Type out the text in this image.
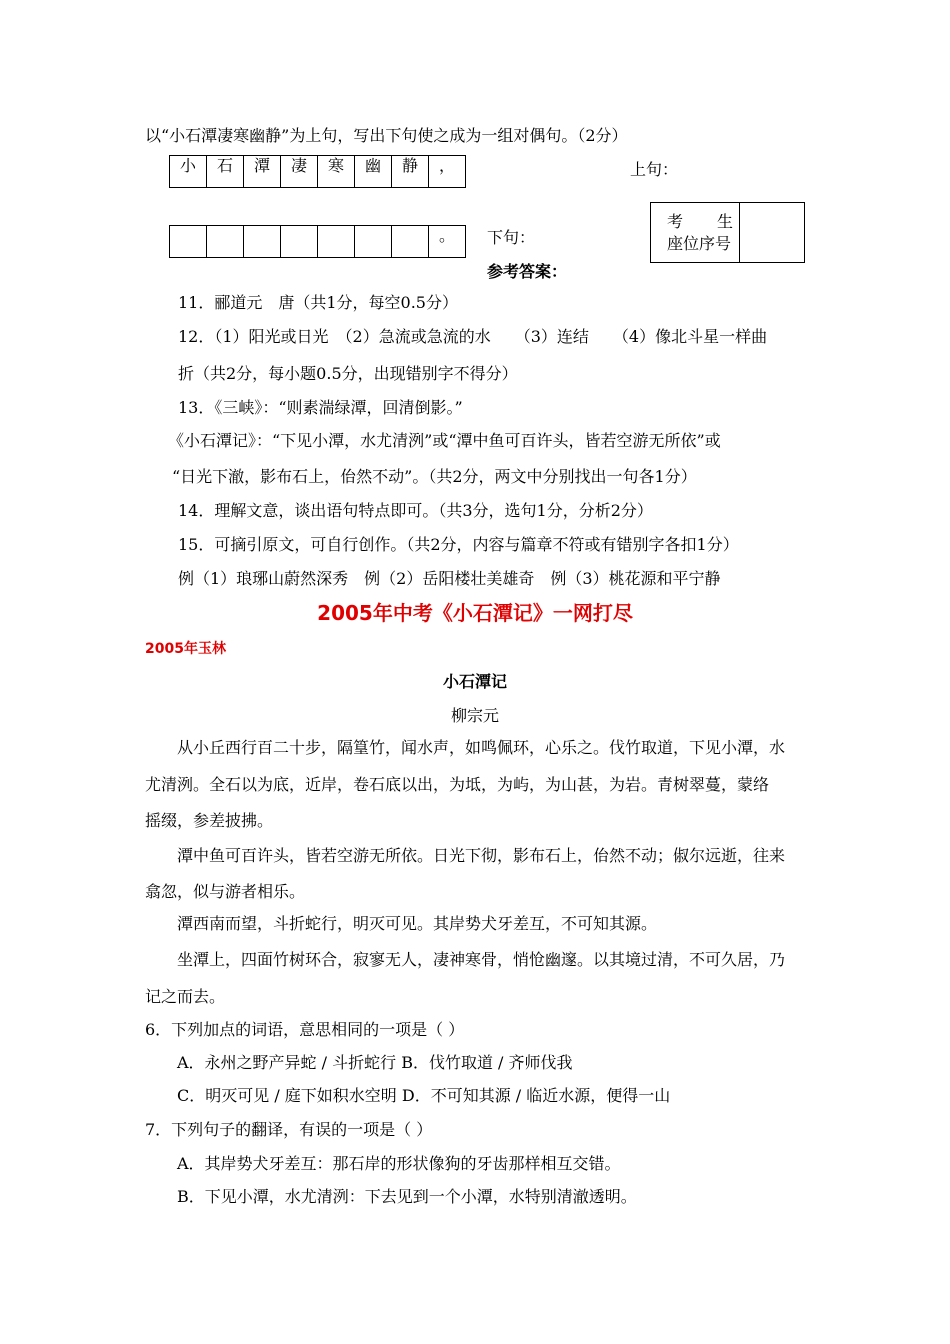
以“小石潭凄寒幽静”为上句，写出下句使之成为一组对偶句。（2分）
小	石	潭	凄	寒	幽	静	，	上句：
							。 下句：
考 生
座位序号
参考答案：
11．郦道元　唐（共1分，每空0.5分）
12．（1）阳光或日光　（2）急流或急流的水　　（3）连结　　（4）像北斗星一样曲
折（共2分，每小题0.5分，出现错别字不得分）
13．《三峡》：“则素湍绿潭，回清倒影。”
《小石潭记》：“下见小潭，水尤清洌”或“潭中鱼可百许头，皆若空游无所依”或
“日光下澈，影布石上，佁然不动”。（共2分，两文中分别找出一句各1分）
14．理解文意，谈出语句特点即可。（共3分，选句1分，分析2分）
15．可摘引原文，可自行创作。（共2分，内容与篇章不符或有错别字各扣1分）
例（1）琅琊山蔚然深秀　例（2）岳阳楼壮美雄奇　例（3）桃花源和平宁静
2005年中考《小石潭记》一网打尽
2005年玉林
小石潭记
柳宗元
　　从小丘西行百二十步，隔篁竹，闻水声，如鸣佩环，心乐之。伐竹取道，下见小潭，水
尤清洌。全石以为底，近岸，卷石底以出，为坻，为屿，为山甚，为岩。青树翠蔓，蒙络
摇缀，参差披拂。
　　潭中鱼可百许头，皆若空游无所依。日光下彻，影布石上，佁然不动；俶尔远逝，往来
翕忽，似与游者相乐。
　　潭西南而望，斗折蛇行，明灭可见。其岸势犬牙差互，不可知其源。
　　坐潭上，四面竹树环合，寂寥无人，凄神寒骨，悄怆幽邃。以其境过清，不可久居，乃
记之而去。
6．下列加点的词语，意思相同的一项是（ ）
　　A．永州之野产异蛇 / 斗折蛇行 B．伐竹取道 / 齐师伐我
　　C．明灭可见 / 庭下如积水空明 D．不可知其源 / 临近水源，便得一山
7．下列句子的翻译，有误的一项是（ ）
　　A．其岸势犬牙差互：那石岸的形状像狗的牙齿那样相互交错。
　　B．下见小潭，水尤清洌：下去见到一个小潭，水特别清澈透明。
